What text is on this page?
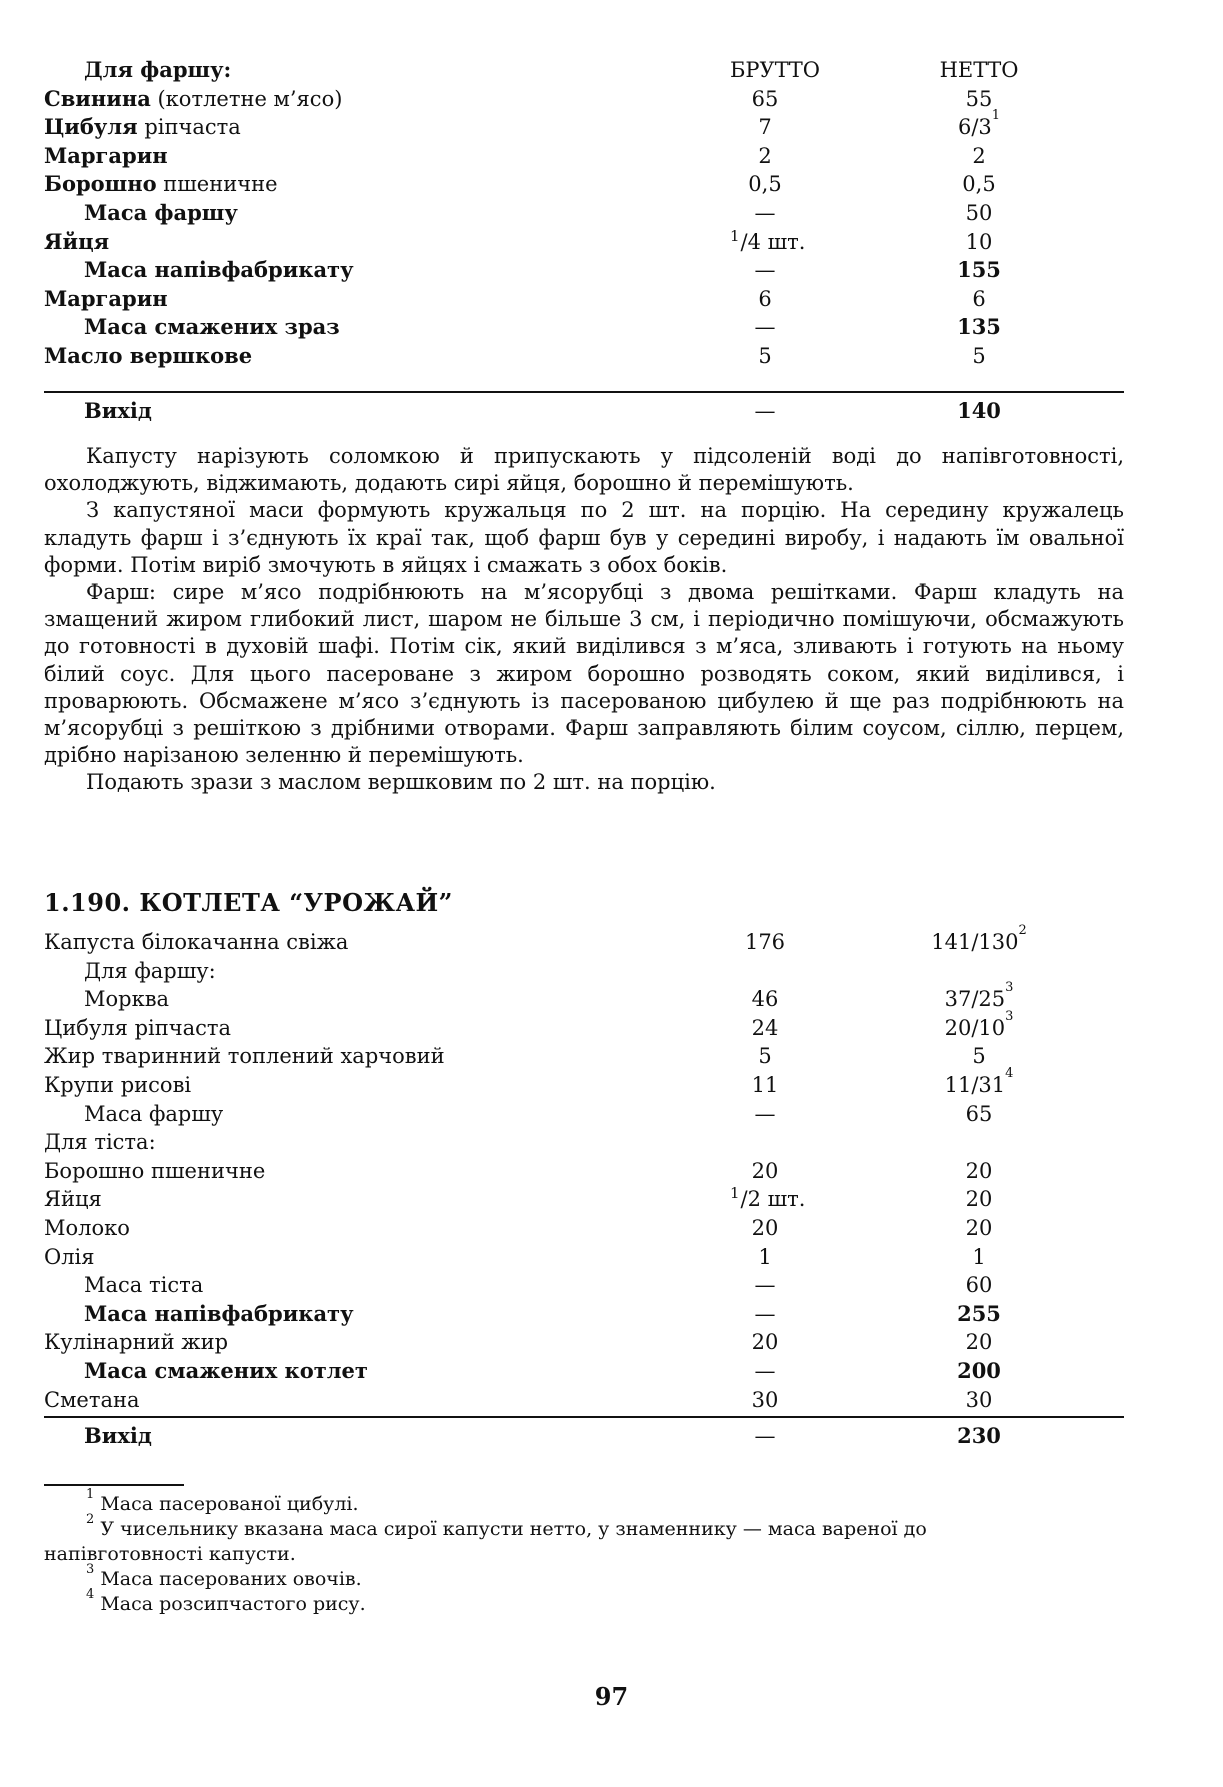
Для фаршу:	БРУТТО	НЕТТО
Свинина (котлетне м’ясо)	65	55
Цибуля ріпчаста	7	$6/3^1$
Маргарин	2	2
Борошно пшеничне	0,5	0,5
Маса фаршу	—	50
Яйця	$^1$/4 шт.	10
Маса напівфабрикату	—	155
Маргарин	6	6
Маса смажених зраз	—	135
Масло вершкове	5	5
Вихід	—	140

Капусту нарізують соломкою й припускають у підсоленій воді до напівготовності, охолоджують, віджимають, додають сирі яйця, борошно й перемішують.

З капустяної маси формують кружальця по 2 шт. на порцію. На середину кружалець кладуть фарш і з’єднують їх краї так, щоб фарш був у середині виробу, і надають їм овальної форми. Потім виріб змочують в яйцях і смажать з обох боків.

Фарш: сире м’ясо подрібнюють на м’ясорубці з двома решітками. Фарш кладуть на змащений жиром глибокий лист, шаром не більше 3 см, і періодично помішуючи, обсмажують до готовності в духовій шафі. Потім сік, який виділився з м’яса, зливають і готують на ньому білий соус. Для цього пасероване з жиром борошно розводять соком, який виділився, і проварюють. Обсмажене м’ясо з’єднують із пасерованою цибулею й ще раз подрібнюють на м’ясорубці з решіткою з дрібними отворами. Фарш заправляють білим соусом, сіллю, перцем, дрібно нарізаною зеленню й перемішують.

Подають зрази з маслом вершковим по 2 шт. на порцію.

1.190. КОТЛЕТА “УРОЖАЙ”
Капуста білокачанна свіжа	176	$141/130^2$
Для фаршу:
Морква	46	$37/25^3$
Цибуля ріпчаста	24	$20/10^3$
Жир тваринний топлений харчовий	5	5
Крупи рисові	11	$11/31^4$
Маса фаршу	—	65
Для тіста:
Борошно пшеничне	20	20
Яйця	$^1$/2 шт.	20
Молоко	20	20
Олія	1	1
Маса тіста	—	60
Маса напівфабрикату	—	255
Кулінарний жир	20	20
Маса смажених котлет	—	200
Сметана	30	30
Вихід	—	230

$^1$ Маса пасерованої цибулі.

$^2$ У чисельнику вказана маса сирої капусти нетто, у знаменнику — маса вареної до

напівготовності капусти.

$^3$ Маса пасерованих овочів.

$^4$ Маса розсипчастого рису.

97
